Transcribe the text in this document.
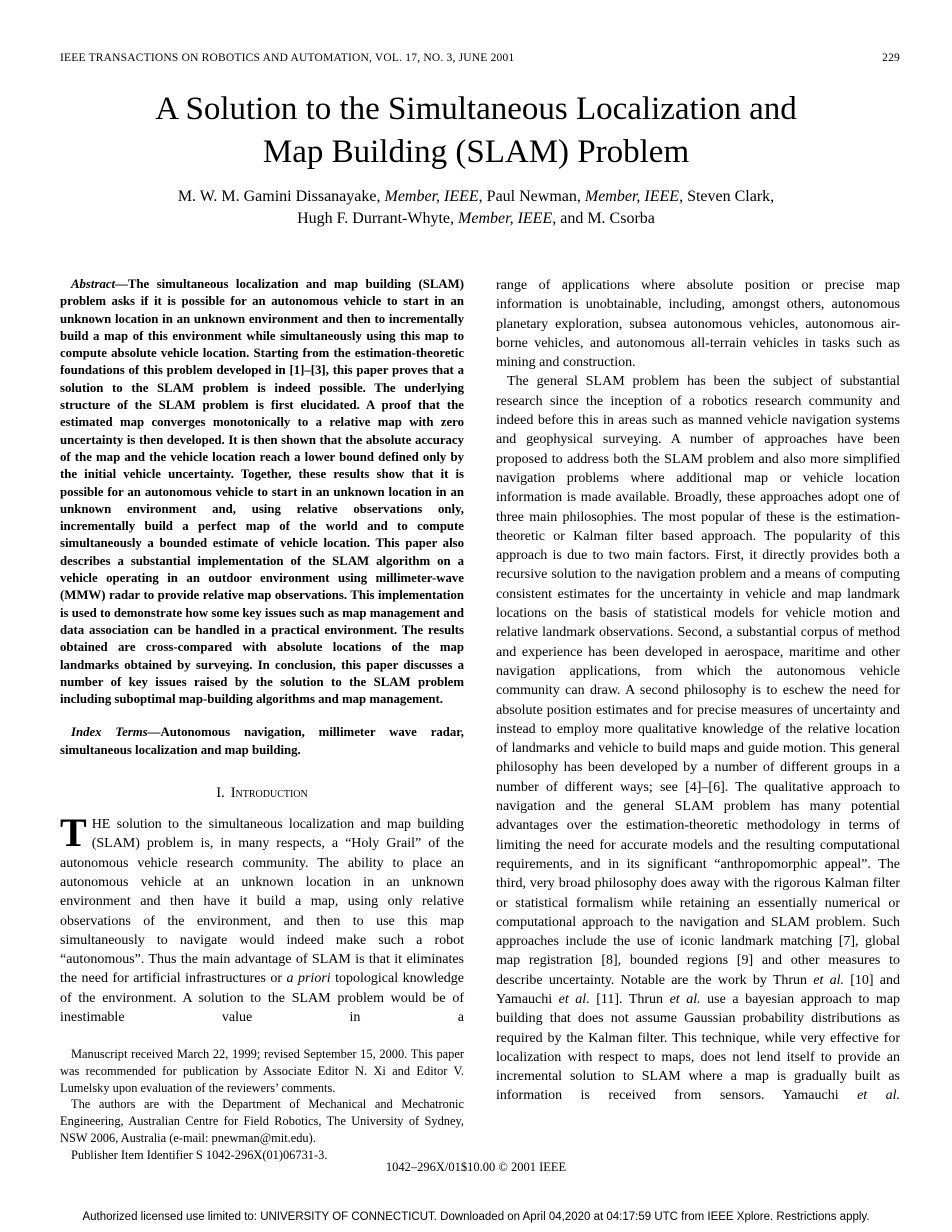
IEEE TRANSACTIONS ON ROBOTICS AND AUTOMATION, VOL. 17, NO. 3, JUNE 2001	229
A Solution to the Simultaneous Localization and
Map Building (SLAM) Problem
M. W. M. Gamini Dissanayake, Member, IEEE, Paul Newman, Member, IEEE, Steven Clark,
Hugh F. Durrant-Whyte, Member, IEEE, and M. Csorba

Abstract—The simultaneous localization and map building (SLAM) problem asks if it is possible for an autonomous vehicle to start in an unknown location in an unknown environment and then to incrementally build a map of this environment while simultaneously using this map to compute absolute vehicle location. Starting from the estimation-theoretic foundations of this problem developed in [1]–[3], this paper proves that a solution to the SLAM problem is indeed possible. The underlying structure of the SLAM problem is first elucidated. A proof that the estimated map converges monotonically to a relative map with zero uncertainty is then developed. It is then shown that the absolute accuracy of the map and the vehicle location reach a lower bound defined only by the initial vehicle uncertainty. Together, these results show that it is possible for an autonomous vehicle to start in an unknown location in an unknown environment and, using relative observations only, incrementally build a perfect map of the world and to compute simultaneously a bounded estimate of vehicle location. This paper also describes a substantial implementation of the SLAM algorithm on a vehicle operating in an outdoor environment using millimeter-wave (MMW) radar to provide relative map observations. This implementation is used to demonstrate how some key issues such as map management and data association can be handled in a practical environment. The results obtained are cross-compared with absolute locations of the map landmarks obtained by surveying. In conclusion, this paper discusses a number of key issues raised by the solution to the SLAM problem including suboptimal map-building algorithms and map management.

Index Terms—Autonomous navigation, millimeter wave radar, simultaneous localization and map building.

I. Introduction

THE solution to the simultaneous localization and map building (SLAM) problem is, in many respects, a “Holy Grail” of the autonomous vehicle research community. The ability to place an autonomous vehicle at an unknown location in an unknown environment and then have it build a map, using only relative observations of the environment, and then to use this map simultaneously to navigate would indeed make such a robot “autonomous”. Thus the main advantage of SLAM is that it eliminates the need for artificial infrastructures or a priori topological knowledge of the environment. A solution to the SLAM problem would be of inestimable value in a

range of applications where absolute position or precise map information is unobtainable, including, amongst others, autonomous planetary exploration, subsea autonomous vehicles, autonomous air-borne vehicles, and autonomous all-terrain vehicles in tasks such as mining and construction.

The general SLAM problem has been the subject of substantial research since the inception of a robotics research community and indeed before this in areas such as manned vehicle navigation systems and geophysical surveying. A number of approaches have been proposed to address both the SLAM problem and also more simplified navigation problems where additional map or vehicle location information is made available. Broadly, these approaches adopt one of three main philosophies. The most popular of these is the estimation-theoretic or Kalman filter based approach. The popularity of this approach is due to two main factors. First, it directly provides both a recursive solution to the navigation problem and a means of computing consistent estimates for the uncertainty in vehicle and map landmark locations on the basis of statistical models for vehicle motion and relative landmark observations. Second, a substantial corpus of method and experience has been developed in aerospace, maritime and other navigation applications, from which the autonomous vehicle community can draw. A second philosophy is to eschew the need for absolute position estimates and for precise measures of uncertainty and instead to employ more qualitative knowledge of the relative location of landmarks and vehicle to build maps and guide motion. This general philosophy has been developed by a number of different groups in a number of different ways; see [4]–[6]. The qualitative approach to navigation and the general SLAM problem has many potential advantages over the estimation-theoretic methodology in terms of limiting the need for accurate models and the resulting computational requirements, and in its significant “anthropomorphic appeal”. The third, very broad philosophy does away with the rigorous Kalman filter or statistical formalism while retaining an essentially numerical or computational approach to the navigation and SLAM problem. Such approaches include the use of iconic landmark matching [7], global map registration [8], bounded regions [9] and other measures to describe uncertainty. Notable are the work by Thrun et al. [10] and Yamauchi et al. [11]. Thrun et al. use a bayesian approach to map building that does not assume Gaussian probability distributions as required by the Kalman filter. This technique, while very effective for localization with respect to maps, does not lend itself to provide an incremental solution to SLAM where a map is gradually built as information is received from sensors. Yamauchi et al.

Manuscript received March 22, 1999; revised September 15, 2000. This paper was recommended for publication by Associate Editor N. Xi and Editor V. Lumelsky upon evaluation of the reviewers’ comments.

The authors are with the Department of Mechanical and Mechatronic Engineering, Australian Centre for Field Robotics, The University of Sydney, NSW 2006, Australia (e-mail: pnewman@mit.edu).

Publisher Item Identifier S 1042-296X(01)06731-3.

1042–296X/01$10.00 © 2001 IEEE
Authorized licensed use limited to: UNIVERSITY OF CONNECTICUT. Downloaded on April 04,2020 at 04:17:59 UTC from IEEE Xplore. Restrictions apply.
